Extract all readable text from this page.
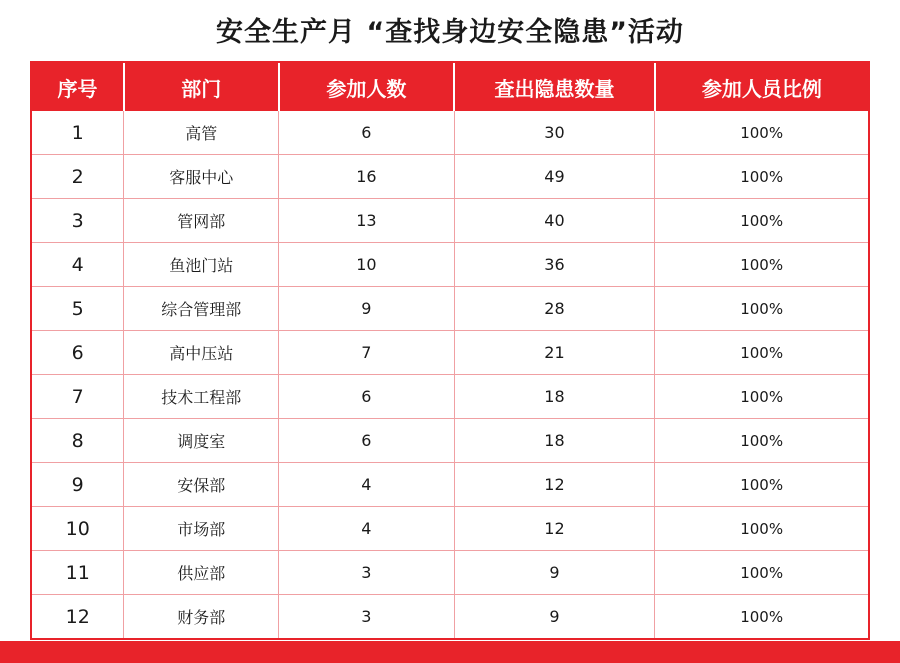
安全生产月 “查找身边安全隐患”活动
序号	部门	参加人数	查出隐患数量	参加人员比例
1	高管	6	30	100%
2	客服中心	16	49	100%
3	管网部	13	40	100%
4	鱼池门站	10	36	100%
5	综合管理部	9	28	100%
6	高中压站	7	21	100%
7	技术工程部	6	18	100%
8	调度室	6	18	100%
9	安保部	4	12	100%
10	市场部	4	12	100%
11	供应部	3	9	100%
12	财务部	3	9	100%
